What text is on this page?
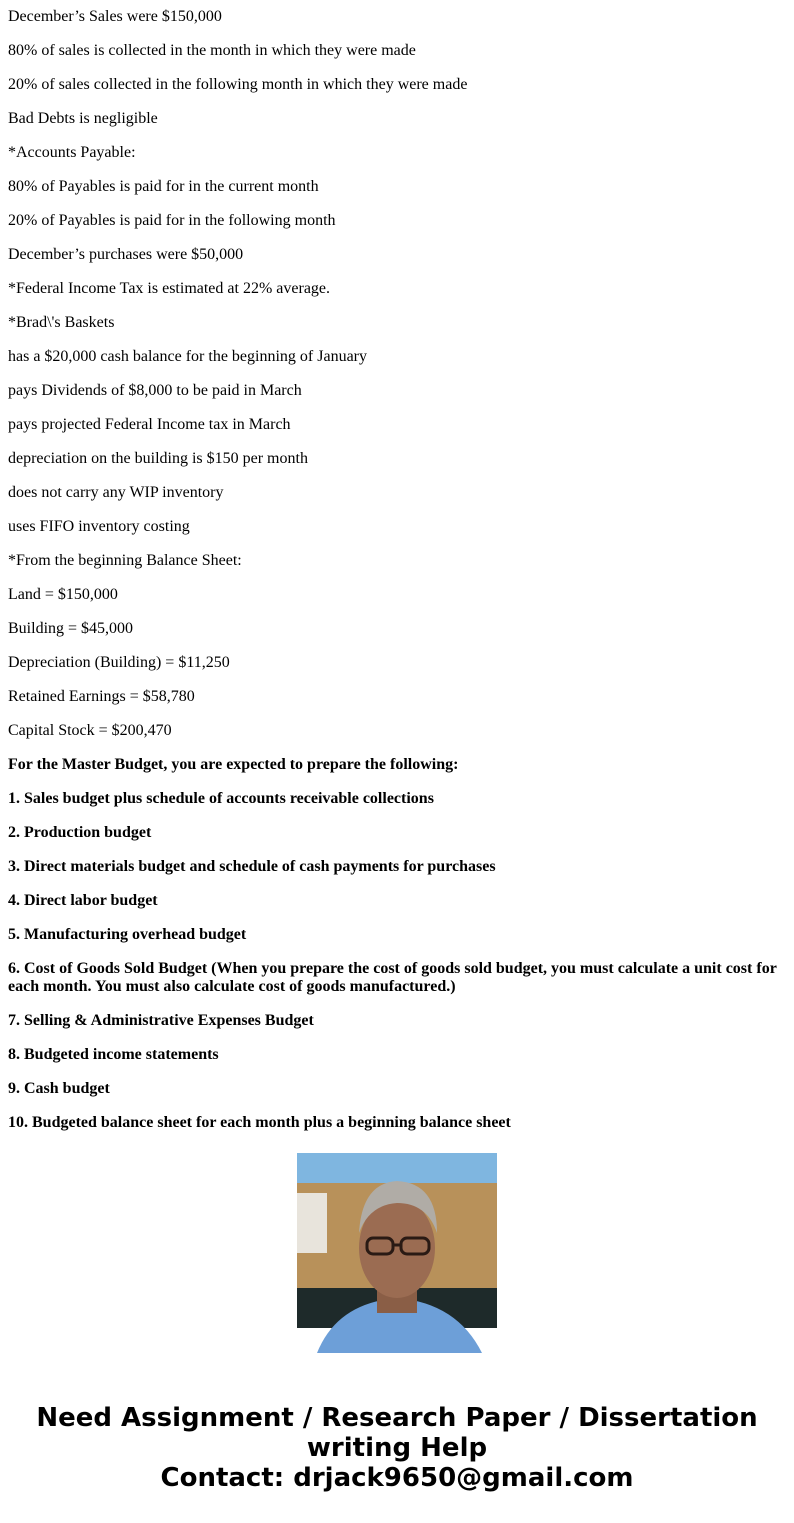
December’s Sales were $150,000

80% of sales is collected in the month in which they were made

20% of sales collected in the following month in which they were made

Bad Debts is negligible

*Accounts Payable:

80% of Payables is paid for in the current month

20% of Payables is paid for in the following month

December’s purchases were $50,000

*Federal Income Tax is estimated at 22% average.

*Brad\'s Baskets

has a $20,000 cash balance for the beginning of January

pays Dividends of $8,000 to be paid in March

pays projected Federal Income tax in March

depreciation on the building is $150 per month

does not carry any WIP inventory

uses FIFO inventory costing

*From the beginning Balance Sheet:

Land = $150,000

Building = $45,000

Depreciation (Building) = $11,250

Retained Earnings = $58,780

Capital Stock = $200,470

For the Master Budget, you are expected to prepare the following:

1. Sales budget plus schedule of accounts receivable collections

2. Production budget

3. Direct materials budget and schedule of cash payments for purchases

4. Direct labor budget

5. Manufacturing overhead budget

6. Cost of Goods Sold Budget (When you prepare the cost of goods sold budget, you must calculate a unit cost for each month. You must also calculate cost of goods manufactured.)

7. Selling & Administrative Expenses Budget

8. Budgeted income statements

9. Cash budget

10. Budgeted balance sheet for each month plus a beginning balance sheet

Need Assignment / Research Paper / Dissertation writing Help
Contact: drjack9650@gmail.com
